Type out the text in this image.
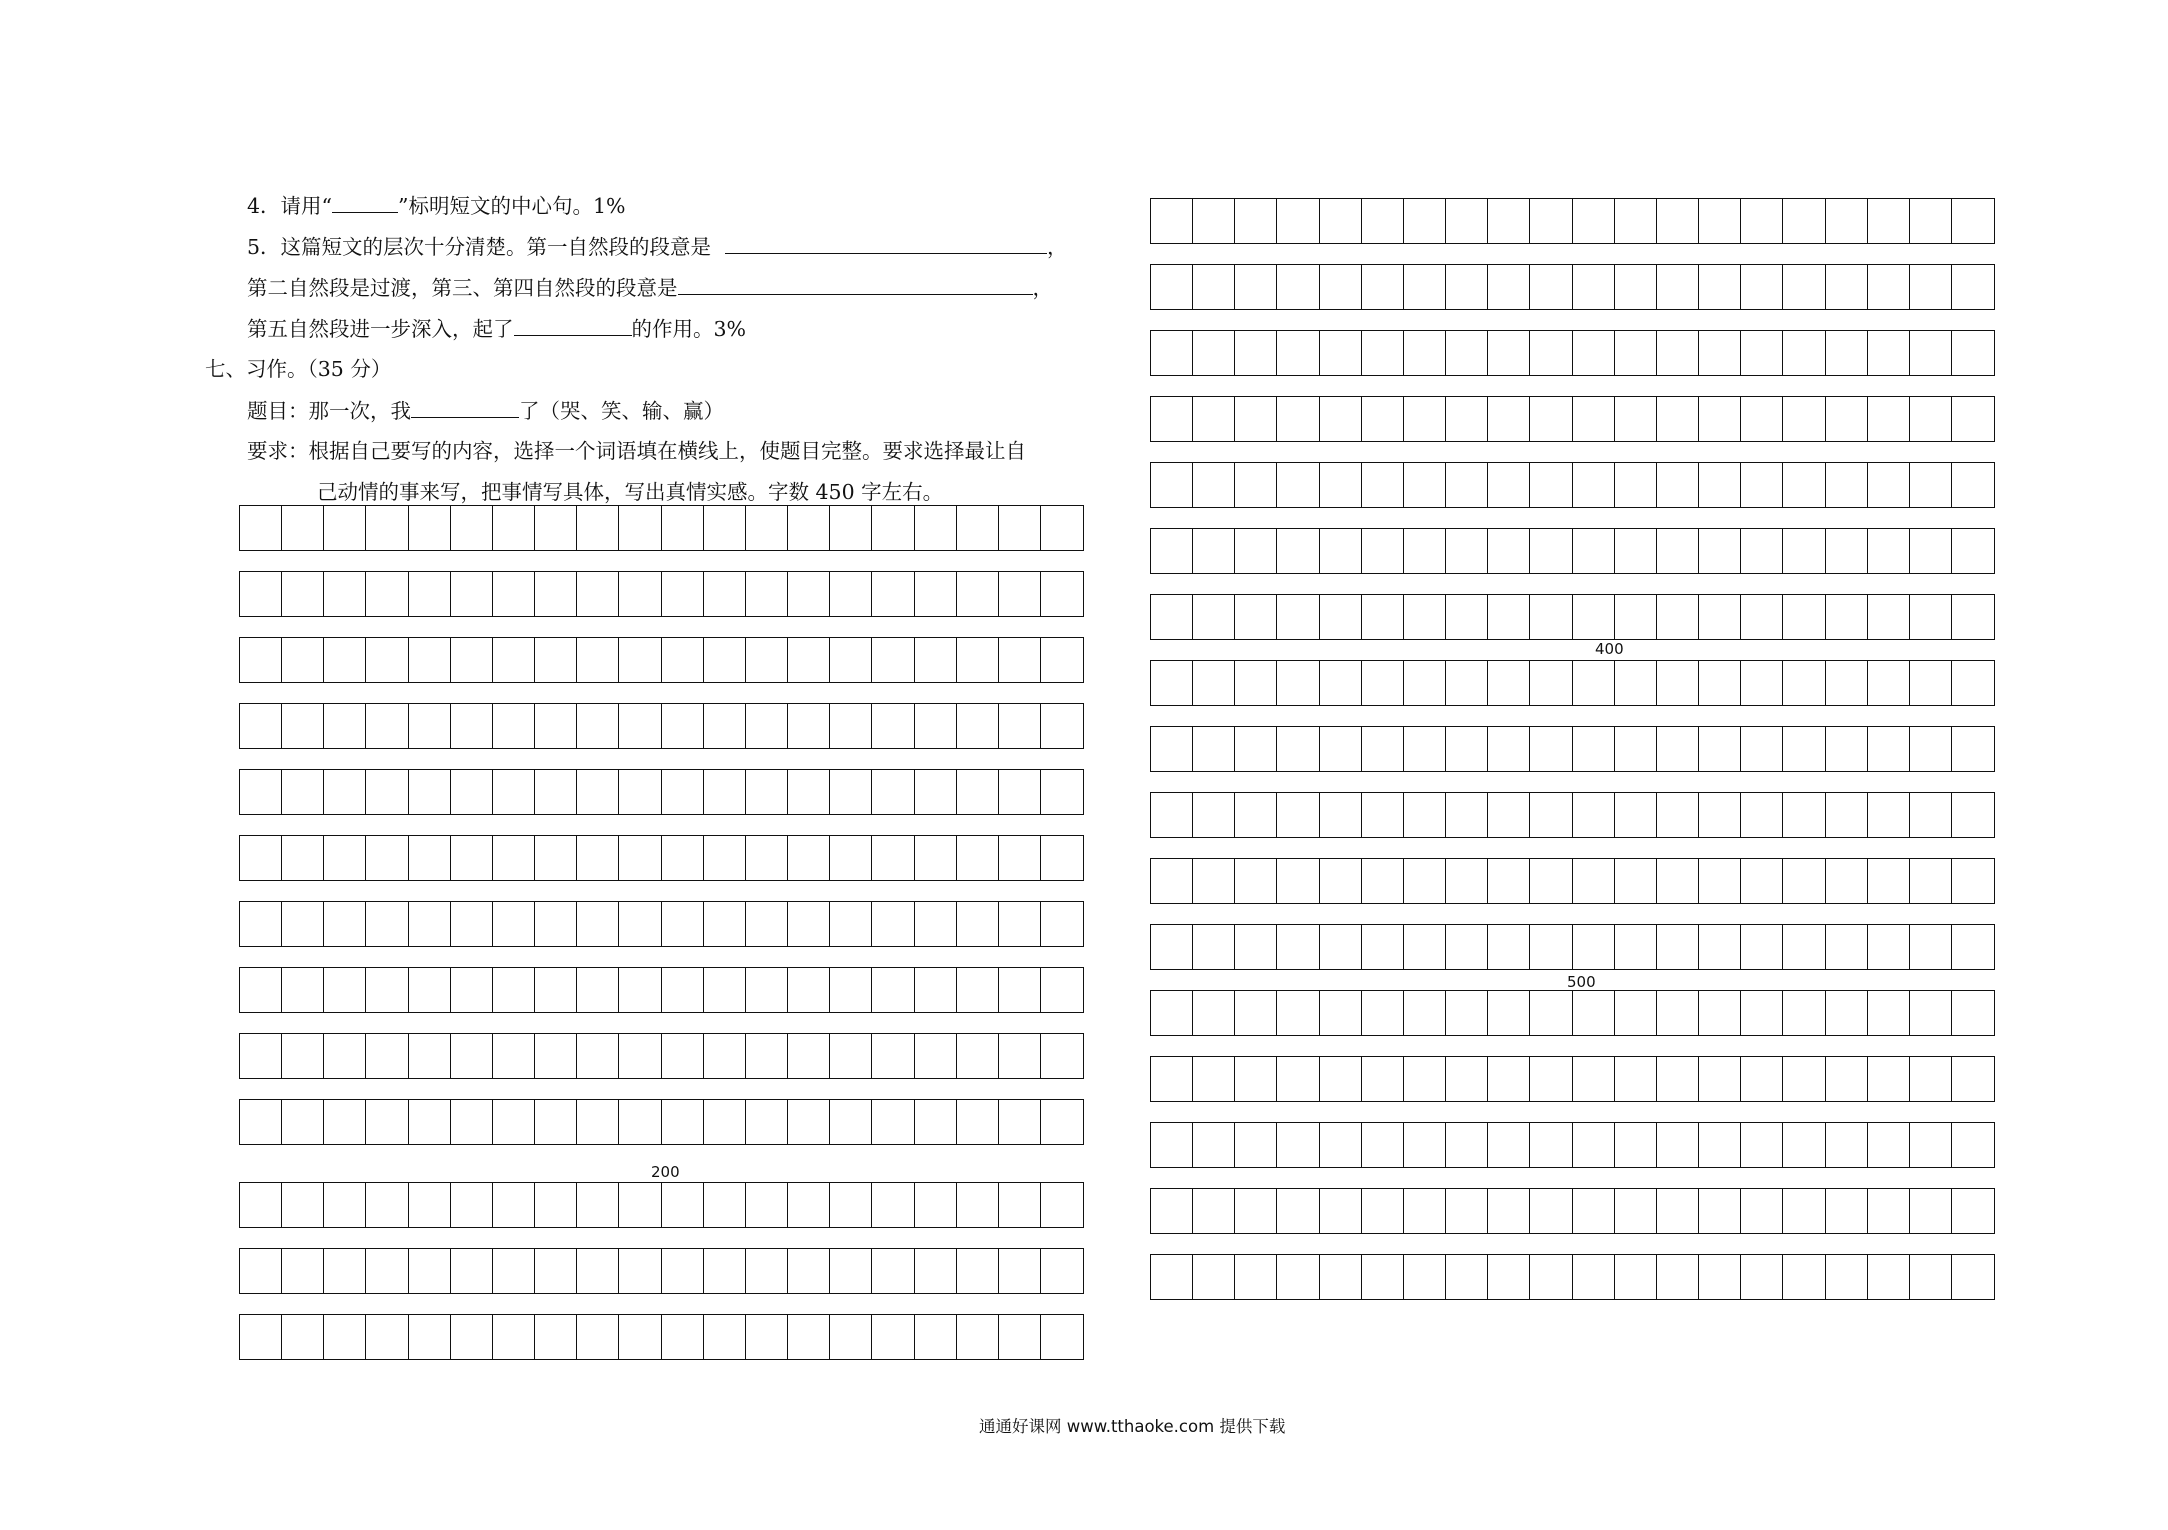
4．请用“	”标明短文的中心句。1%
5．这篇短文的层次十分清楚。第一自然段的段意是	，
第二自然段是过渡，第三、第四自然段的段意是	，
第五自然段进一步深入，起了	的作用。3%
七、习作。（35 分）
题目：那一次，我	了（哭、笑、输、赢）
要求：根据自己要写的内容，选择一个词语填在横线上，使题目完整。要求选择最让自
己动情的事来写，把事情写具体，写出真情实感。字数 450 字左右。
200
400
500
通通好课网 www.tthaoke.com 提供下载
